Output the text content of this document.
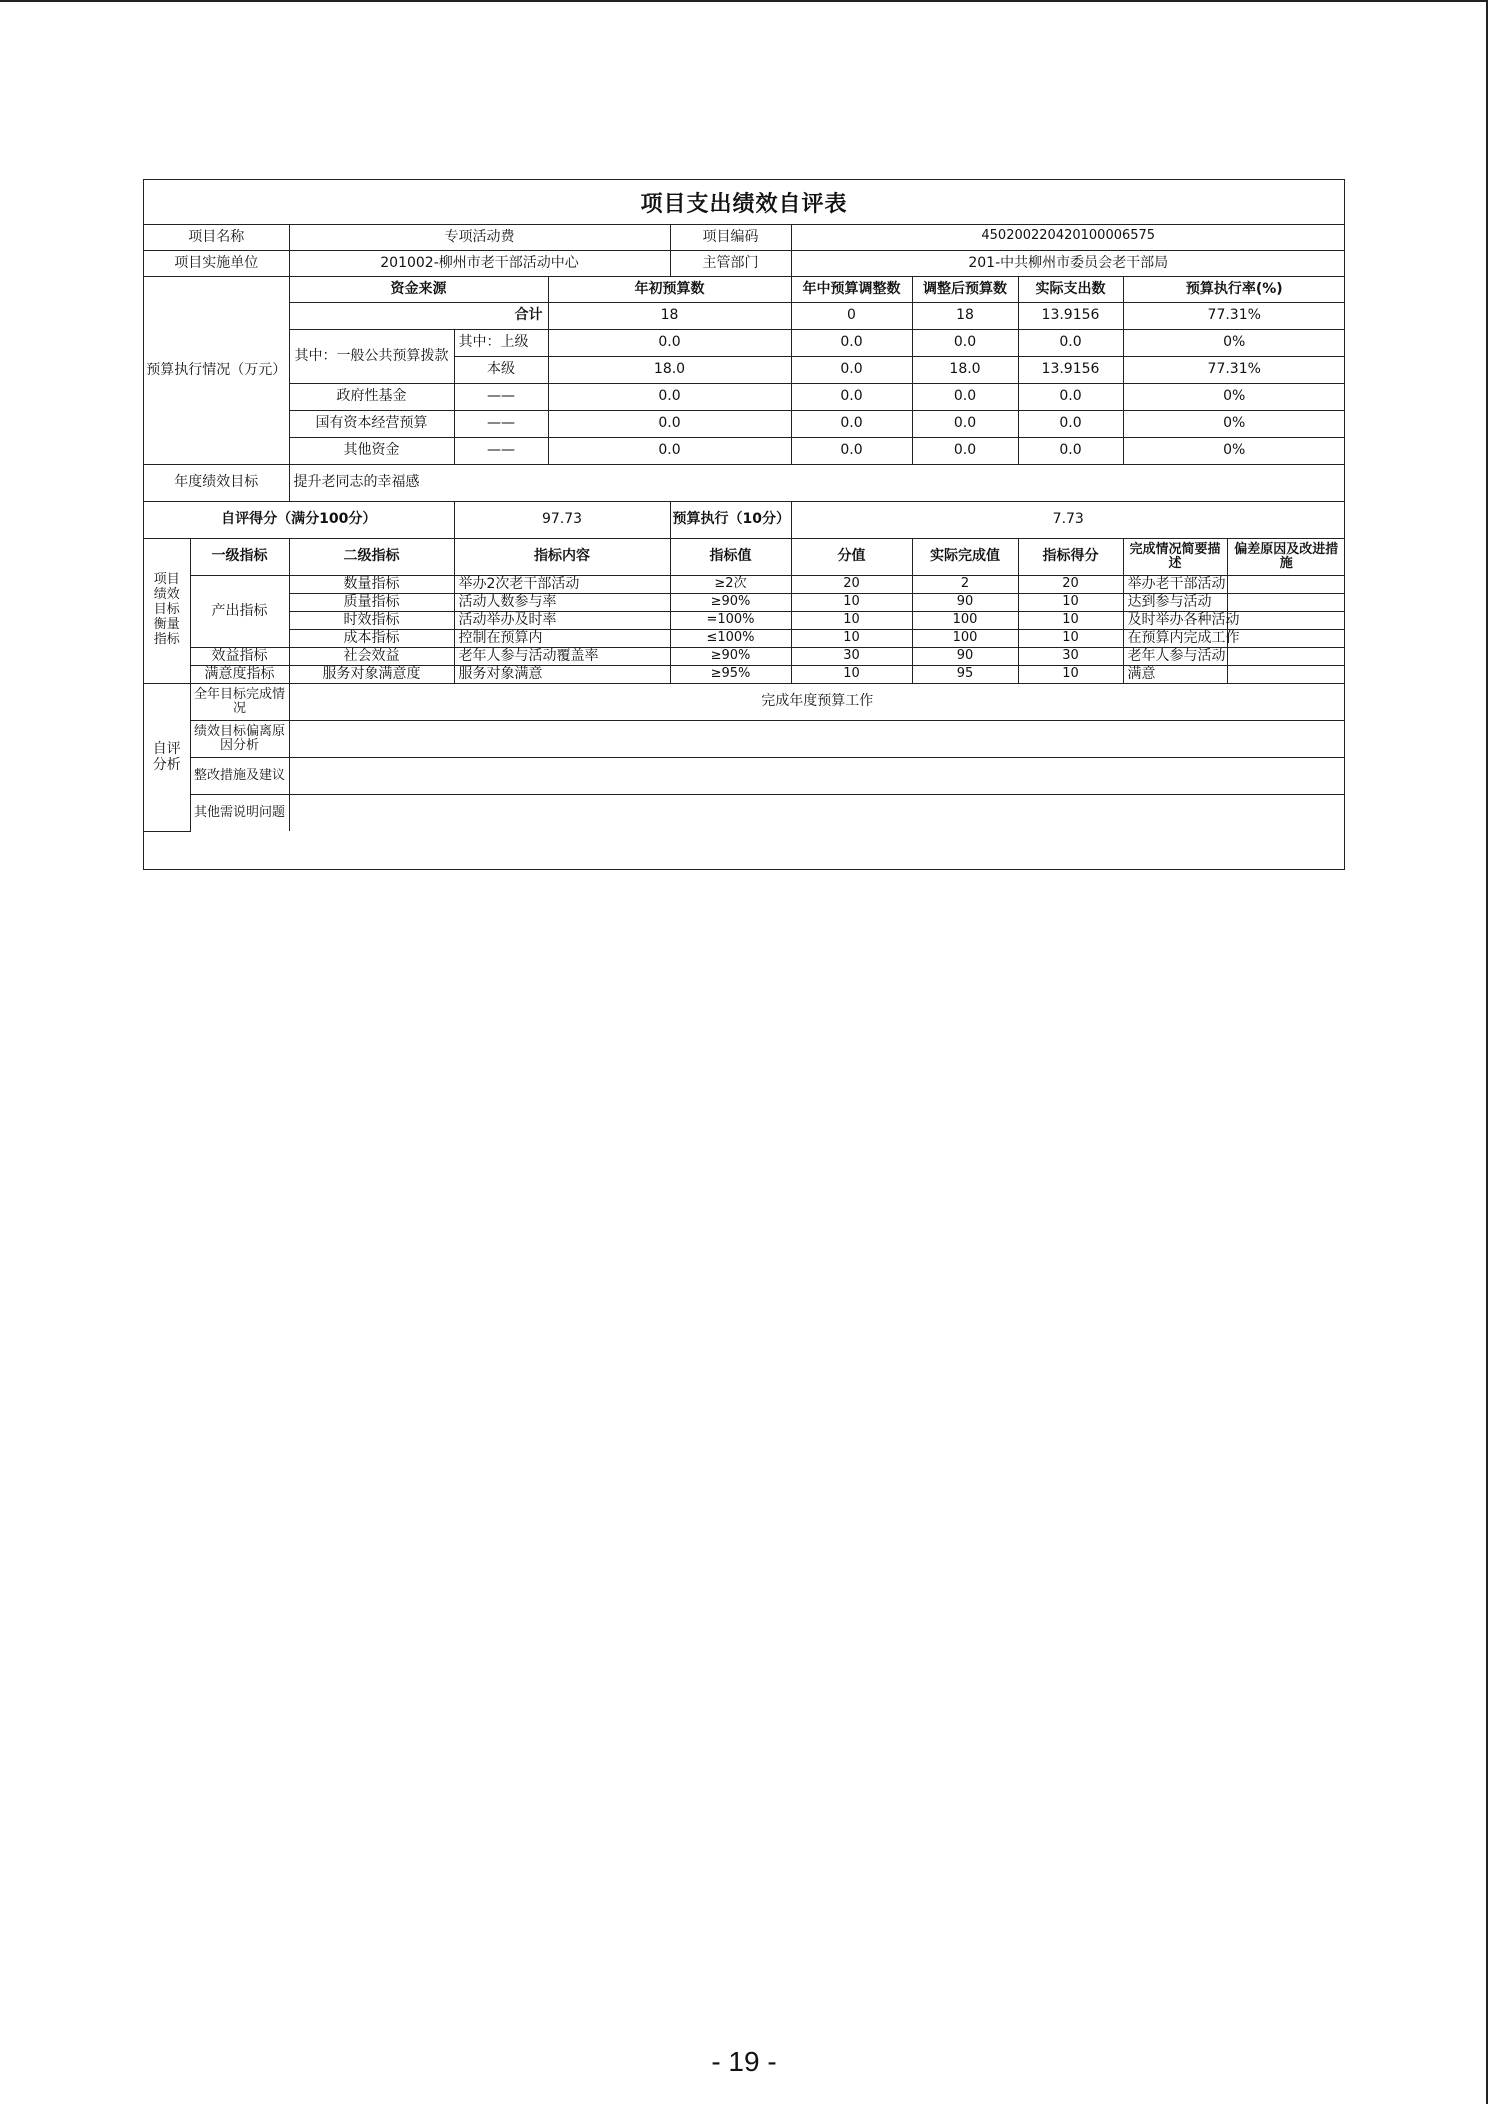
项目支出绩效自评表
项目名称		专项活动费			项目编码	450200220420100006575				
项目实施单位		201002-柳州市老干部活动中心			主管部门	201-中共柳州市委员会老干部局				
预算执行情况（万元）		资金来源		年初预算数		年中预算调整数	调整后预算数	实际支出数	预算执行率(%)	
		合计		18		0	18	13.9156	77.31%	
		其中：一般公共预算拨款	其中：上级	0.0		0.0	0.0	0.0	0%	
			本级	18.0		0.0	18.0	13.9156	77.31%	
		政府性基金	——	0.0		0.0	0.0	0.0	0%	
		国有资本经营预算	——	0.0		0.0	0.0	0.0	0%	
		其他资金	——	0.0		0.0	0.0	0.0	0%	
年度绩效目标		提升老同志的幸福感								
自评得分（满分100分）			97.73		预算执行（10分）	7.73				
项目绩效目标衡量指标	一级指标	二级指标	指标内容		指标值	分值	实际完成值	指标得分	完成情况简要描述	偏差原因及改进措施
	产出指标	数量指标	举办2次老干部活动		≥2次	20	2	20	举办老干部活动	
		质量指标	活动人数参与率		≥90%	10	90	10	达到参与活动	
		时效指标	活动举办及时率		=100%	10	100	10	及时举办各种活动	
		成本指标	控制在预算内		≤100%	10	100	10	在预算内完成工作	
	效益指标	社会效益	老年人参与活动覆盖率		≥90%	30	90	30	老年人参与活动	
	满意度指标	服务对象满意度	服务对象满意		≥95%	10	95	10	满意	
自评分析	全年目标完成情况	完成年度预算工作								
	绩效目标偏离原因分析									
	整改措施及建议									
	其他需说明问题									
- 19 -
